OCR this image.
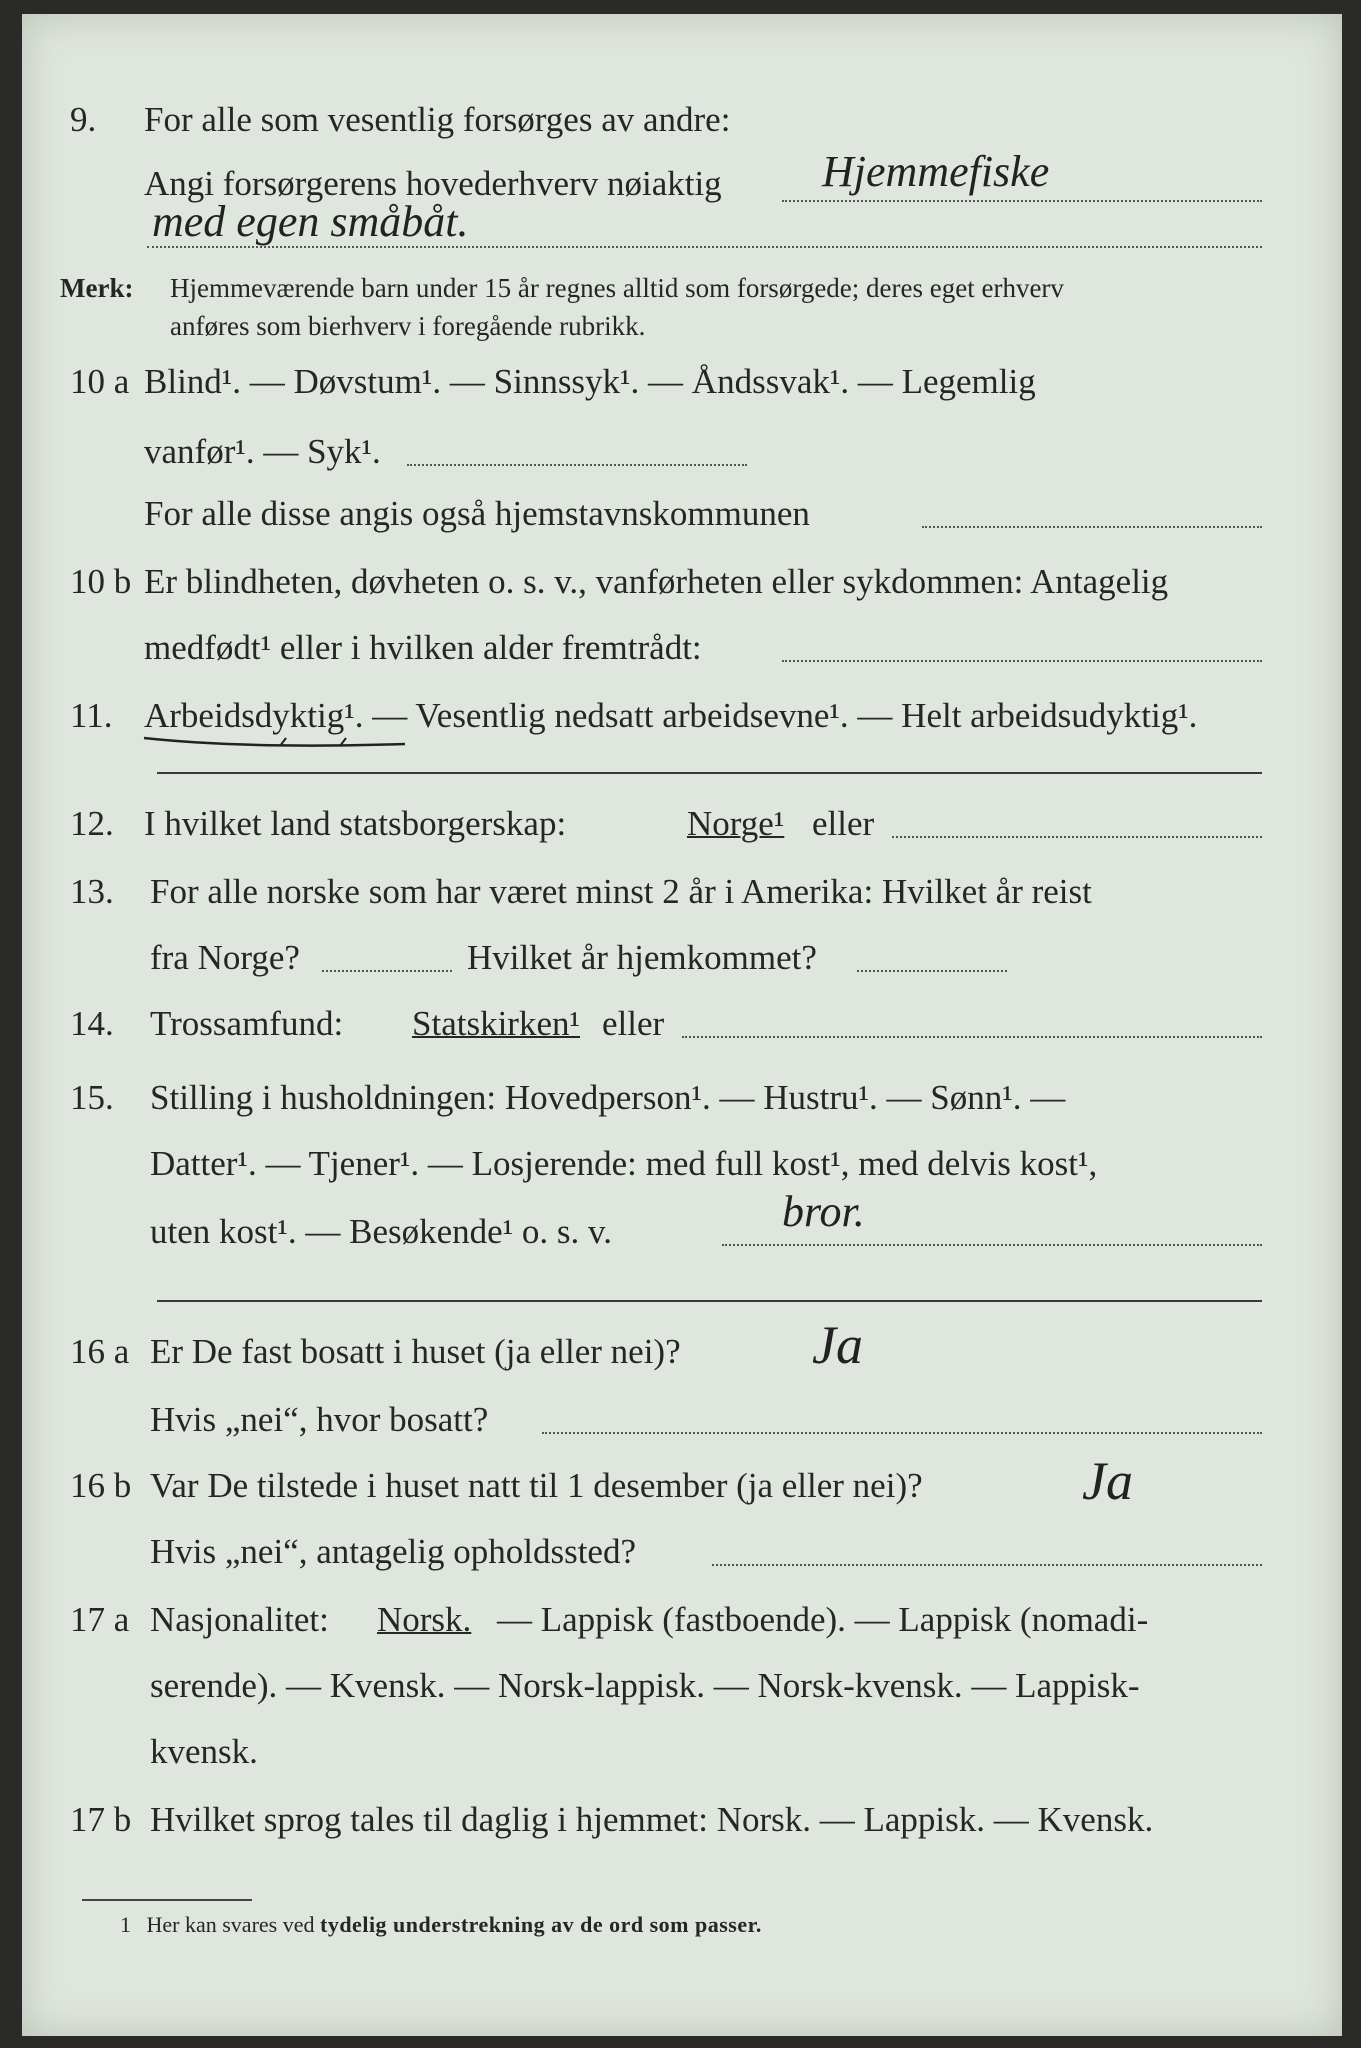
9. For alle som vesentlig forsørges av andre:
Angi forsørgerens hovederhverv nøiaktig Hjemmefiske
med egen småbåt.
Merk: Hjemmeværende barn under 15 år regnes alltid som forsørgede; deres eget erhverv
anføres som bierhverv i foregående rubrikk.
10 a Blind¹. — Døvstum¹. — Sinnssyk¹. — Åndssvak¹. — Legemlig
vanfør¹. — Syk¹.
For alle disse angis også hjemstavnskommunen
10 b Er blindheten, døvheten o. s. v., vanførheten eller sykdommen: Antagelig
medfødt¹ eller i hvilken alder fremtrådt:
11. Arbeidsdyktig¹. — Vesentlig nedsatt arbeidsevne¹. — Helt arbeidsudyktig¹.
12. I hvilket land statsborgerskap:	Norge¹ eller
13. For alle norske som har været minst 2 år i Amerika: Hvilket år reist
fra Norge?	Hvilket år hjemkommet?
14. Trossamfund: Statskirken¹ eller
15. Stilling i husholdningen: Hovedperson¹. — Hustru¹. — Sønn¹. —
Datter¹. — Tjener¹. — Losjerende: med full kost¹, med delvis kost¹,
uten kost¹. — Besøkende¹ o. s. v.	bror.
16 a Er De fast bosatt i huset (ja eller nei)? Ja
Hvis „nei“, hvor bosatt?
16 b Var De tilstede i huset natt til 1 desember (ja eller nei)?	Ja
Hvis „nei“, antagelig opholdssted?
17 a Nasjonalitet: Norsk. — Lappisk (fastboende). — Lappisk (nomadi-
serende). — Kvensk. — Norsk-lappisk. — Norsk-kvensk. — Lappisk-
kvensk.
17 b Hvilket sprog tales til daglig i hjemmet: Norsk. — Lappisk. — Kvensk.
1 Her kan svares ved tydelig understrekning av de ord som passer.
